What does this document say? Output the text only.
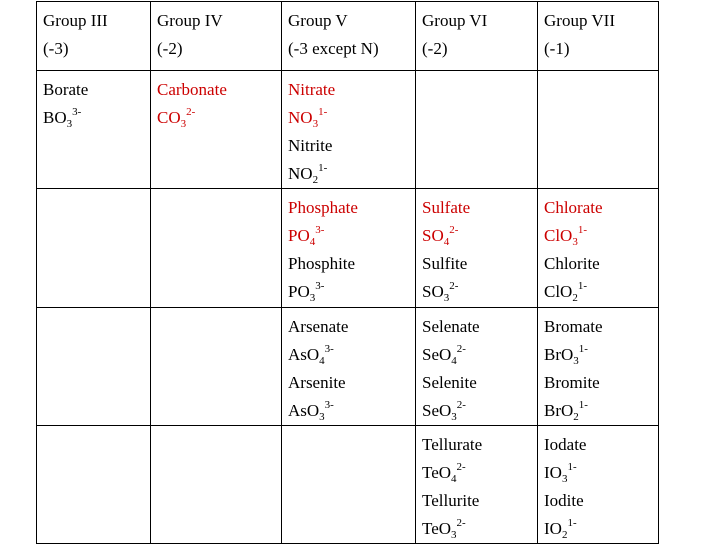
Group III
(-3)	Group IV
(-2)	Group V
(-3 except N)	Group VI
(-2)	Group VII
(-1)

Borate
$BO_3^{3-}$	Carbonate
$CO_3^{2-}$	Nitrate
$NO_3^{1-}$
Nitrite
$NO_2^{1-}$

		Phosphate
$PO_4^{3-}$
Phosphite
$PO_3^{3-}$	Sulfate
$SO_4^{2-}$
Sulfite
$SO_3^{2-}$	Chlorate
ClO$_3^{1-}$
Chlorite
ClO$_2^{1-}$

		Arsenate
AsO$_4^{3-}$
Arsenite
AsO$_3^{3-}$	Selenate
SeO$_4^{2-}$
Selenite
SeO$_3^{2-}$	Bromate
BrO$_3^{1-}$
Bromite
BrO$_2^{1-}$

			Tellurate
TeO$_4^{2-}$
Tellurite
TeO$_3^{2-}$	Iodate
$IO_3^{1-}$
Iodite
$IO_2^{1-}$
